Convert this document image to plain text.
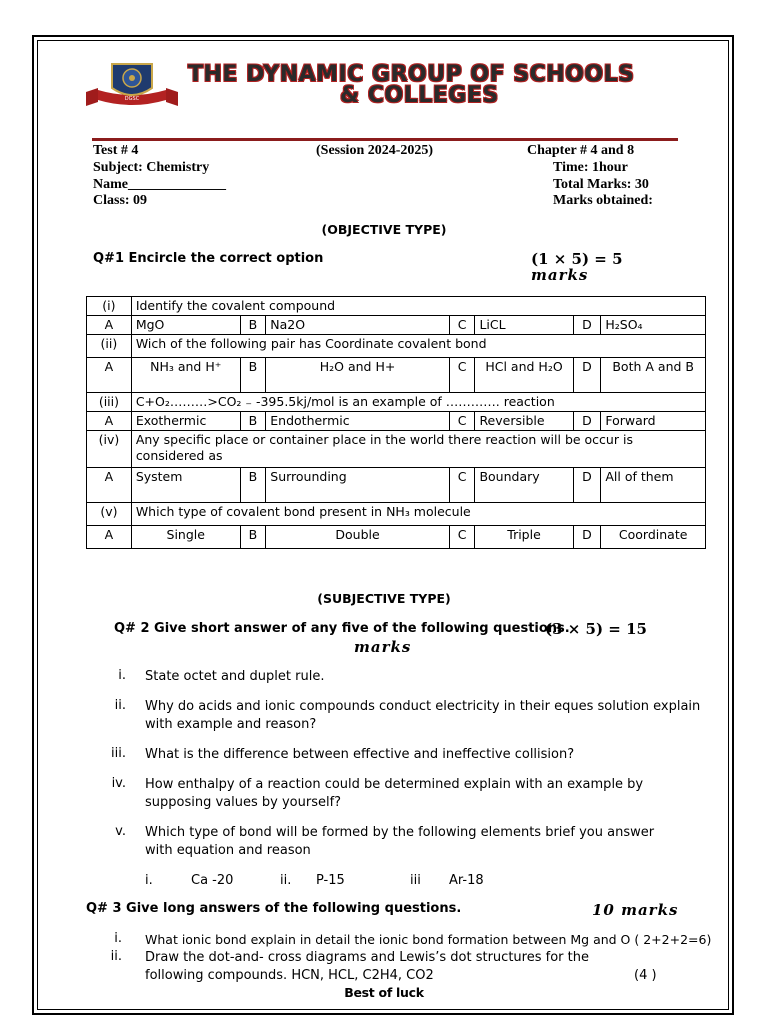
DGSC
THE DYNAMIC GROUP OF SCHOOLS
& COLLEGES
Test # 4	(Session 2024-2025)	Chapter # 4 and 8
Subject: Chemistry	Time: 1hour
Name______________	Total Marks: 30
Class: 09	Marks obtained:
(OBJECTIVE TYPE)
Q#1 Encircle the correct option	(1 × 5) = 5
marks
(i)	Identify the covalent compound						
A	MgO	B	Na2O	C	LiCL	D	H₂SO₄
(ii)	Wich of the following pair has Coordinate covalent bond						
A	NH₃ and H⁺	B	H₂O and H+	C	HCl and H₂O	D	Both A and B
(iii)	C+O₂………>CO₂ ₋ -395.5kj/mol is an example of …………. reaction						
A	Exothermic	B	Endothermic	C	Reversible	D	Forward
(iv)	Any specific place or container place in the world there reaction will be occur is considered as						
A	System	B	Surrounding	C	Boundary	D	All of them
(v)	Which type of covalent bond present in NH₃ molecule						
A	Single	B	Double	C	Triple	D	Coordinate
(SUBJECTIVE TYPE)
Q# 2 Give short answer of any five of the following questions.
(3 × 5) = 15
marks
i. State octet and duplet rule.
ii. Why do acids and ionic compounds conduct electricity in their eques solution explain with example and reason?
iii. What is the difference between effective and ineffective collision?
iv. How enthalpy of a reaction could be determined explain with an example by supposing values by yourself?
v. Which type of bond will be formed by the following elements brief you answer with equation and reason
i.	Ca -20	ii. P-15	iii Ar-18
Q# 3 Give long answers of the following questions.	10 marks
i. What ionic bond explain in detail the ionic bond formation between Mg and O ( 2+2+2=6)
ii. Draw the dot-and- cross diagrams and Lewis’s dot structures for the following compounds. HCN, HCL, C2H4, CO2	(4 )
Best of luck
